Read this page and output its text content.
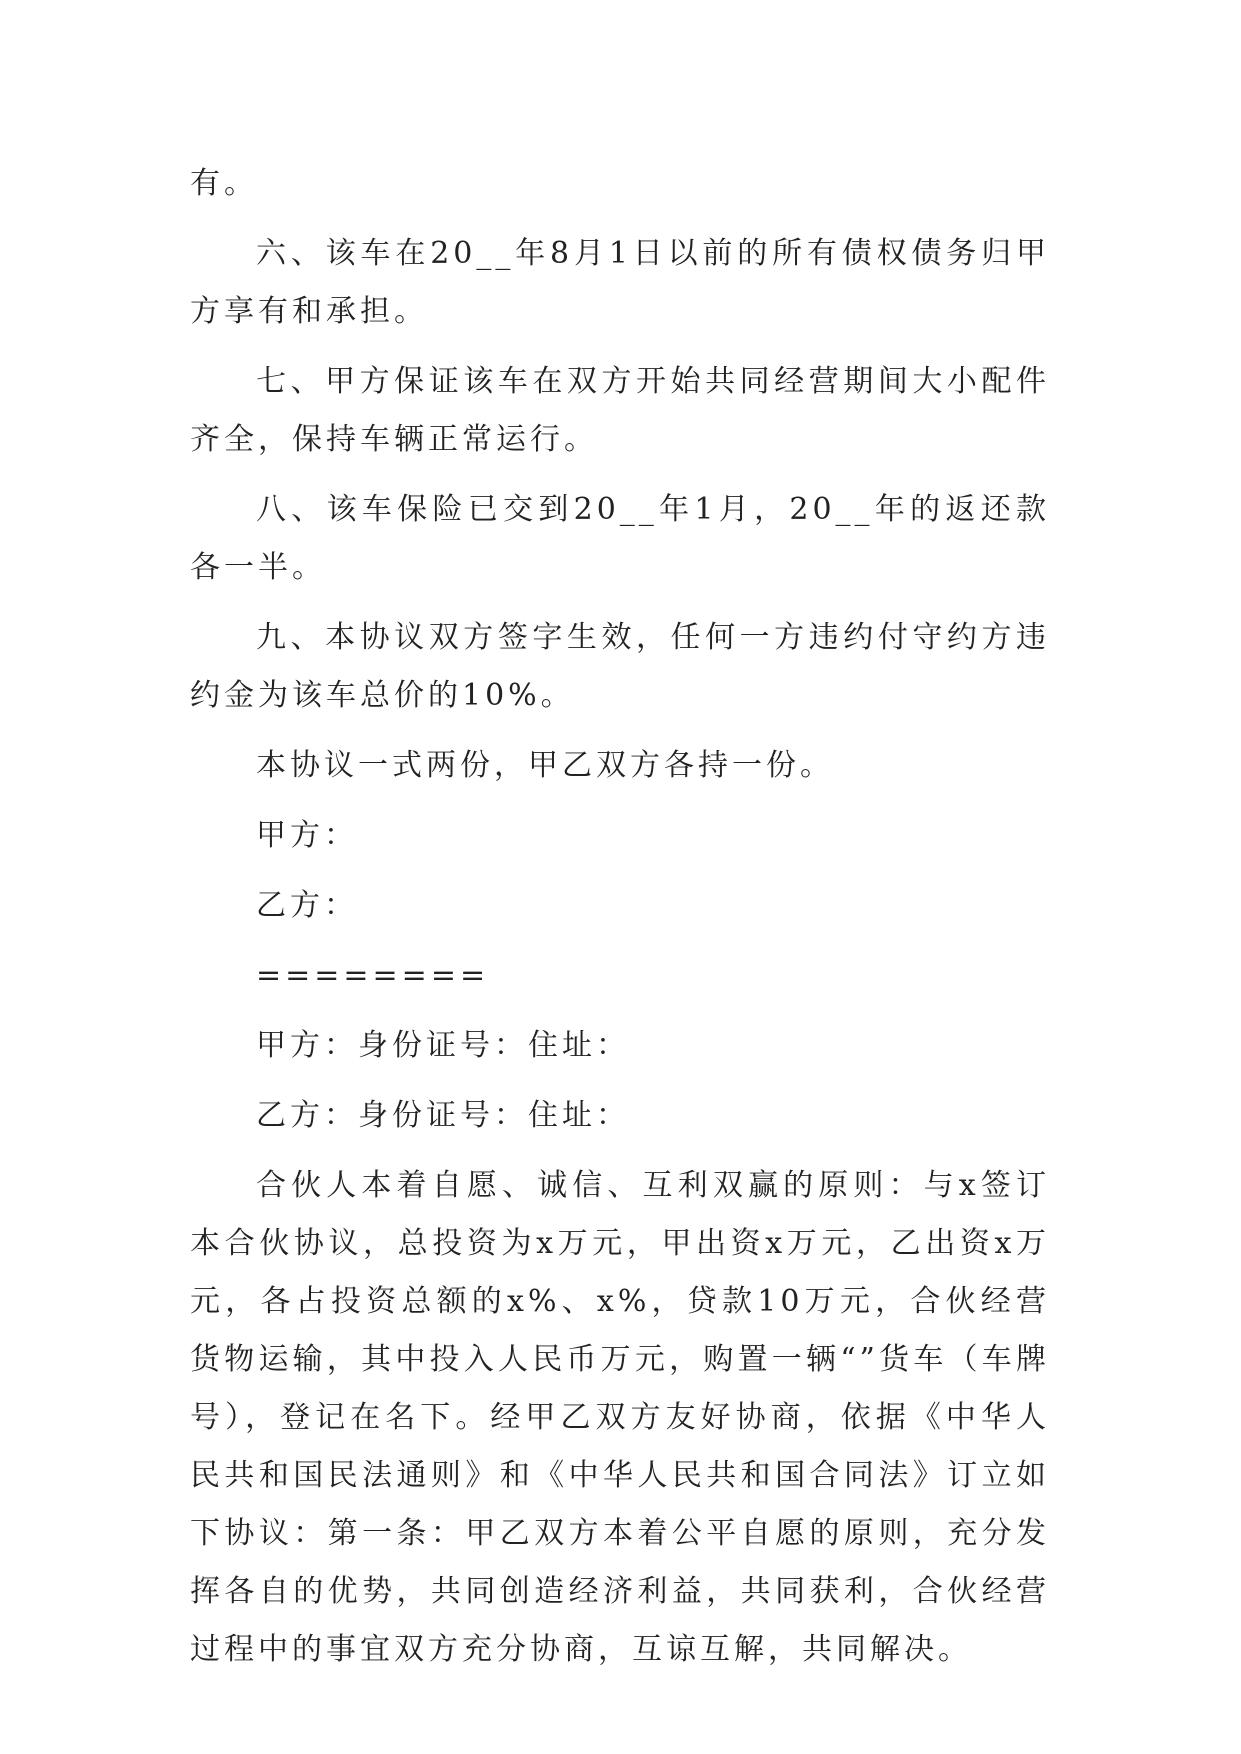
有。

六、该车在20__年8月1日以前的所有债权债务归甲方享有和承担。

七、甲方保证该车在双方开始共同经营期间大小配件齐全，保持车辆正常运行。

八、该车保险已交到20__年1月，20__年的返还款各一半。

九、本协议双方签字生效，任何一方违约付守约方违约金为该车总价的10%。

本协议一式两份，甲乙双方各持一份。

甲方：

乙方：

========

甲方：身份证号：住址：

乙方：身份证号：住址：

合伙人本着自愿、诚信、互利双赢的原则：与x签订本合伙协议，总投资为x万元，甲出资x万元，乙出资x万元，各占投资总额的x%、x%，贷款10万元，合伙经营货物运输，其中投入人民币万元，购置一辆“”货车（车牌号），登记在名下。经甲乙双方友好协商，依据《中华人民共和国民法通则》和《中华人民共和国合同法》订立如下协议：第一条：甲乙双方本着公平自愿的原则，充分发挥各自的优势，共同创造经济利益，共同获利，合伙经营过程中的事宜双方充分协商，互谅互解，共同解决。
